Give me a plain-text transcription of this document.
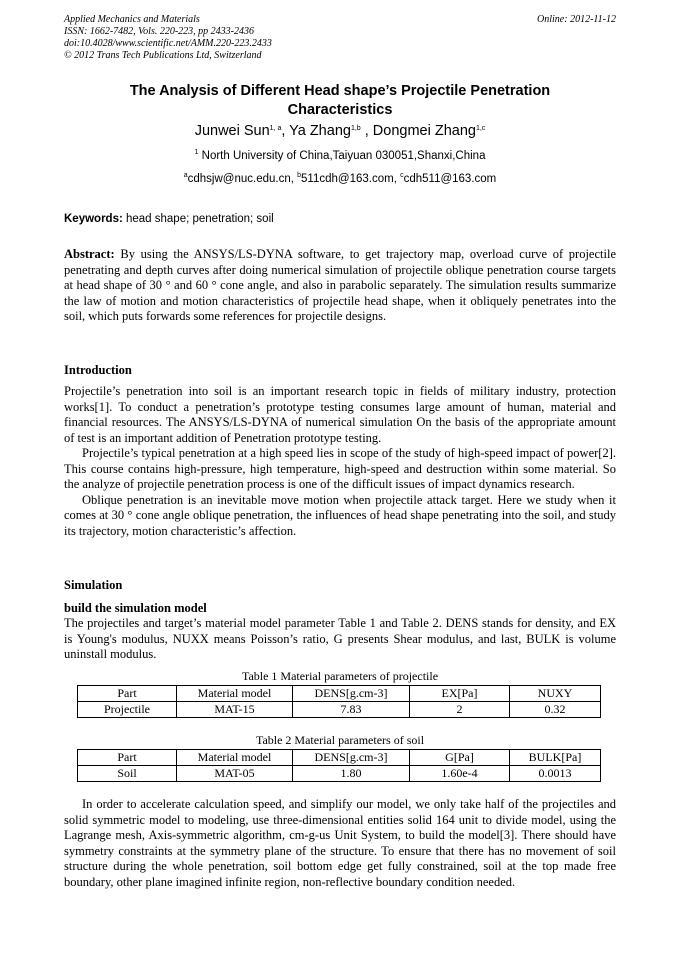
Applied Mechanics and Materials
ISSN: 1662-7482, Vols. 220-223, pp 2433-2436
doi:10.4028/www.scientific.net/AMM.220-223.2433
© 2012 Trans Tech Publications Ltd, Switzerland
Online: 2012-11-12
The Analysis of Different Head shape’s Projectile Penetration
Characteristics
Junwei Sun$^{1, a}$, Ya Zhang$^{1,b}$ , Dongmei Zhang$^{1,c}$
$^1$ North University of China,Taiyuan 030051,Shanxi,China
$^a$cdhsjw@nuc.edu.cn, $^b$511cdh@163.com, $^c$cdh511@163.com
Keywords: head shape; penetration; soil
Abstract: By using the ANSYS/LS-DYNA software, to get trajectory map, overload curve of projectile penetrating and depth curves after doing numerical simulation of projectile oblique penetration course targets at head shape of 30 ° and 60 ° cone angle, and also in parabolic separately. The simulation results summarize the law of motion and motion characteristics of projectile head shape, when it obliquely penetrates into the soil, which puts forwards some references for projectile designs.
Introduction

Projectile’s penetration into soil is an important research topic in fields of military industry, protection works[1]. To conduct a penetration’s prototype testing consumes large amount of human, material and financial resources. The ANSYS/LS-DYNA of numerical simulation On the basis of the appropriate amount of test is an important addition of Penetration prototype testing.

Projectile’s typical penetration at a high speed lies in scope of the study of high-speed impact of power[2]. This course contains high-pressure, high temperature, high-speed and destruction within some material. So the analyze of projectile penetration process is one of the difficult issues of impact dynamics research.

Oblique penetration is an inevitable move motion when projectile attack target. Here we study when it comes at 30 ° cone angle oblique penetration, the influences of head shape penetrating into the soil, and study its trajectory, motion characteristic’s affection.

Simulation
build the simulation model
The projectiles and target’s material model parameter Table 1 and Table 2. DENS stands for density, and EX is Young's modulus, NUXX means Poisson’s ratio, G presents Shear modulus, and last, BULK is volume uninstall modulus.
Table 1 Material parameters of projectile
Part	Material model	DENS[g.cm-3]	EX[Pa]	NUXY
Projectile	MAT-15	7.83	2	0.32
Table 2 Material parameters of soil
Part	Material model	DENS[g.cm-3]	G[Pa]	BULK[Pa]
Soil	MAT-05	1.80	1.60e-4	0.0013

In order to accelerate calculation speed, and simplify our model, we only take half of the projectiles and solid symmetric model to modeling, use three-dimensional entities solid 164 unit to divide model, using the Lagrange mesh, Axis-symmetric algorithm, cm-g-us Unit System, to build the model[3]. There should have symmetry constraints at the symmetry plane of the structure. To ensure that there has no movement of soil structure during the whole penetration, soil bottom edge get fully constrained, soil at the top made free boundary, other plane imagined infinite region, non-reflective boundary condition needed.
